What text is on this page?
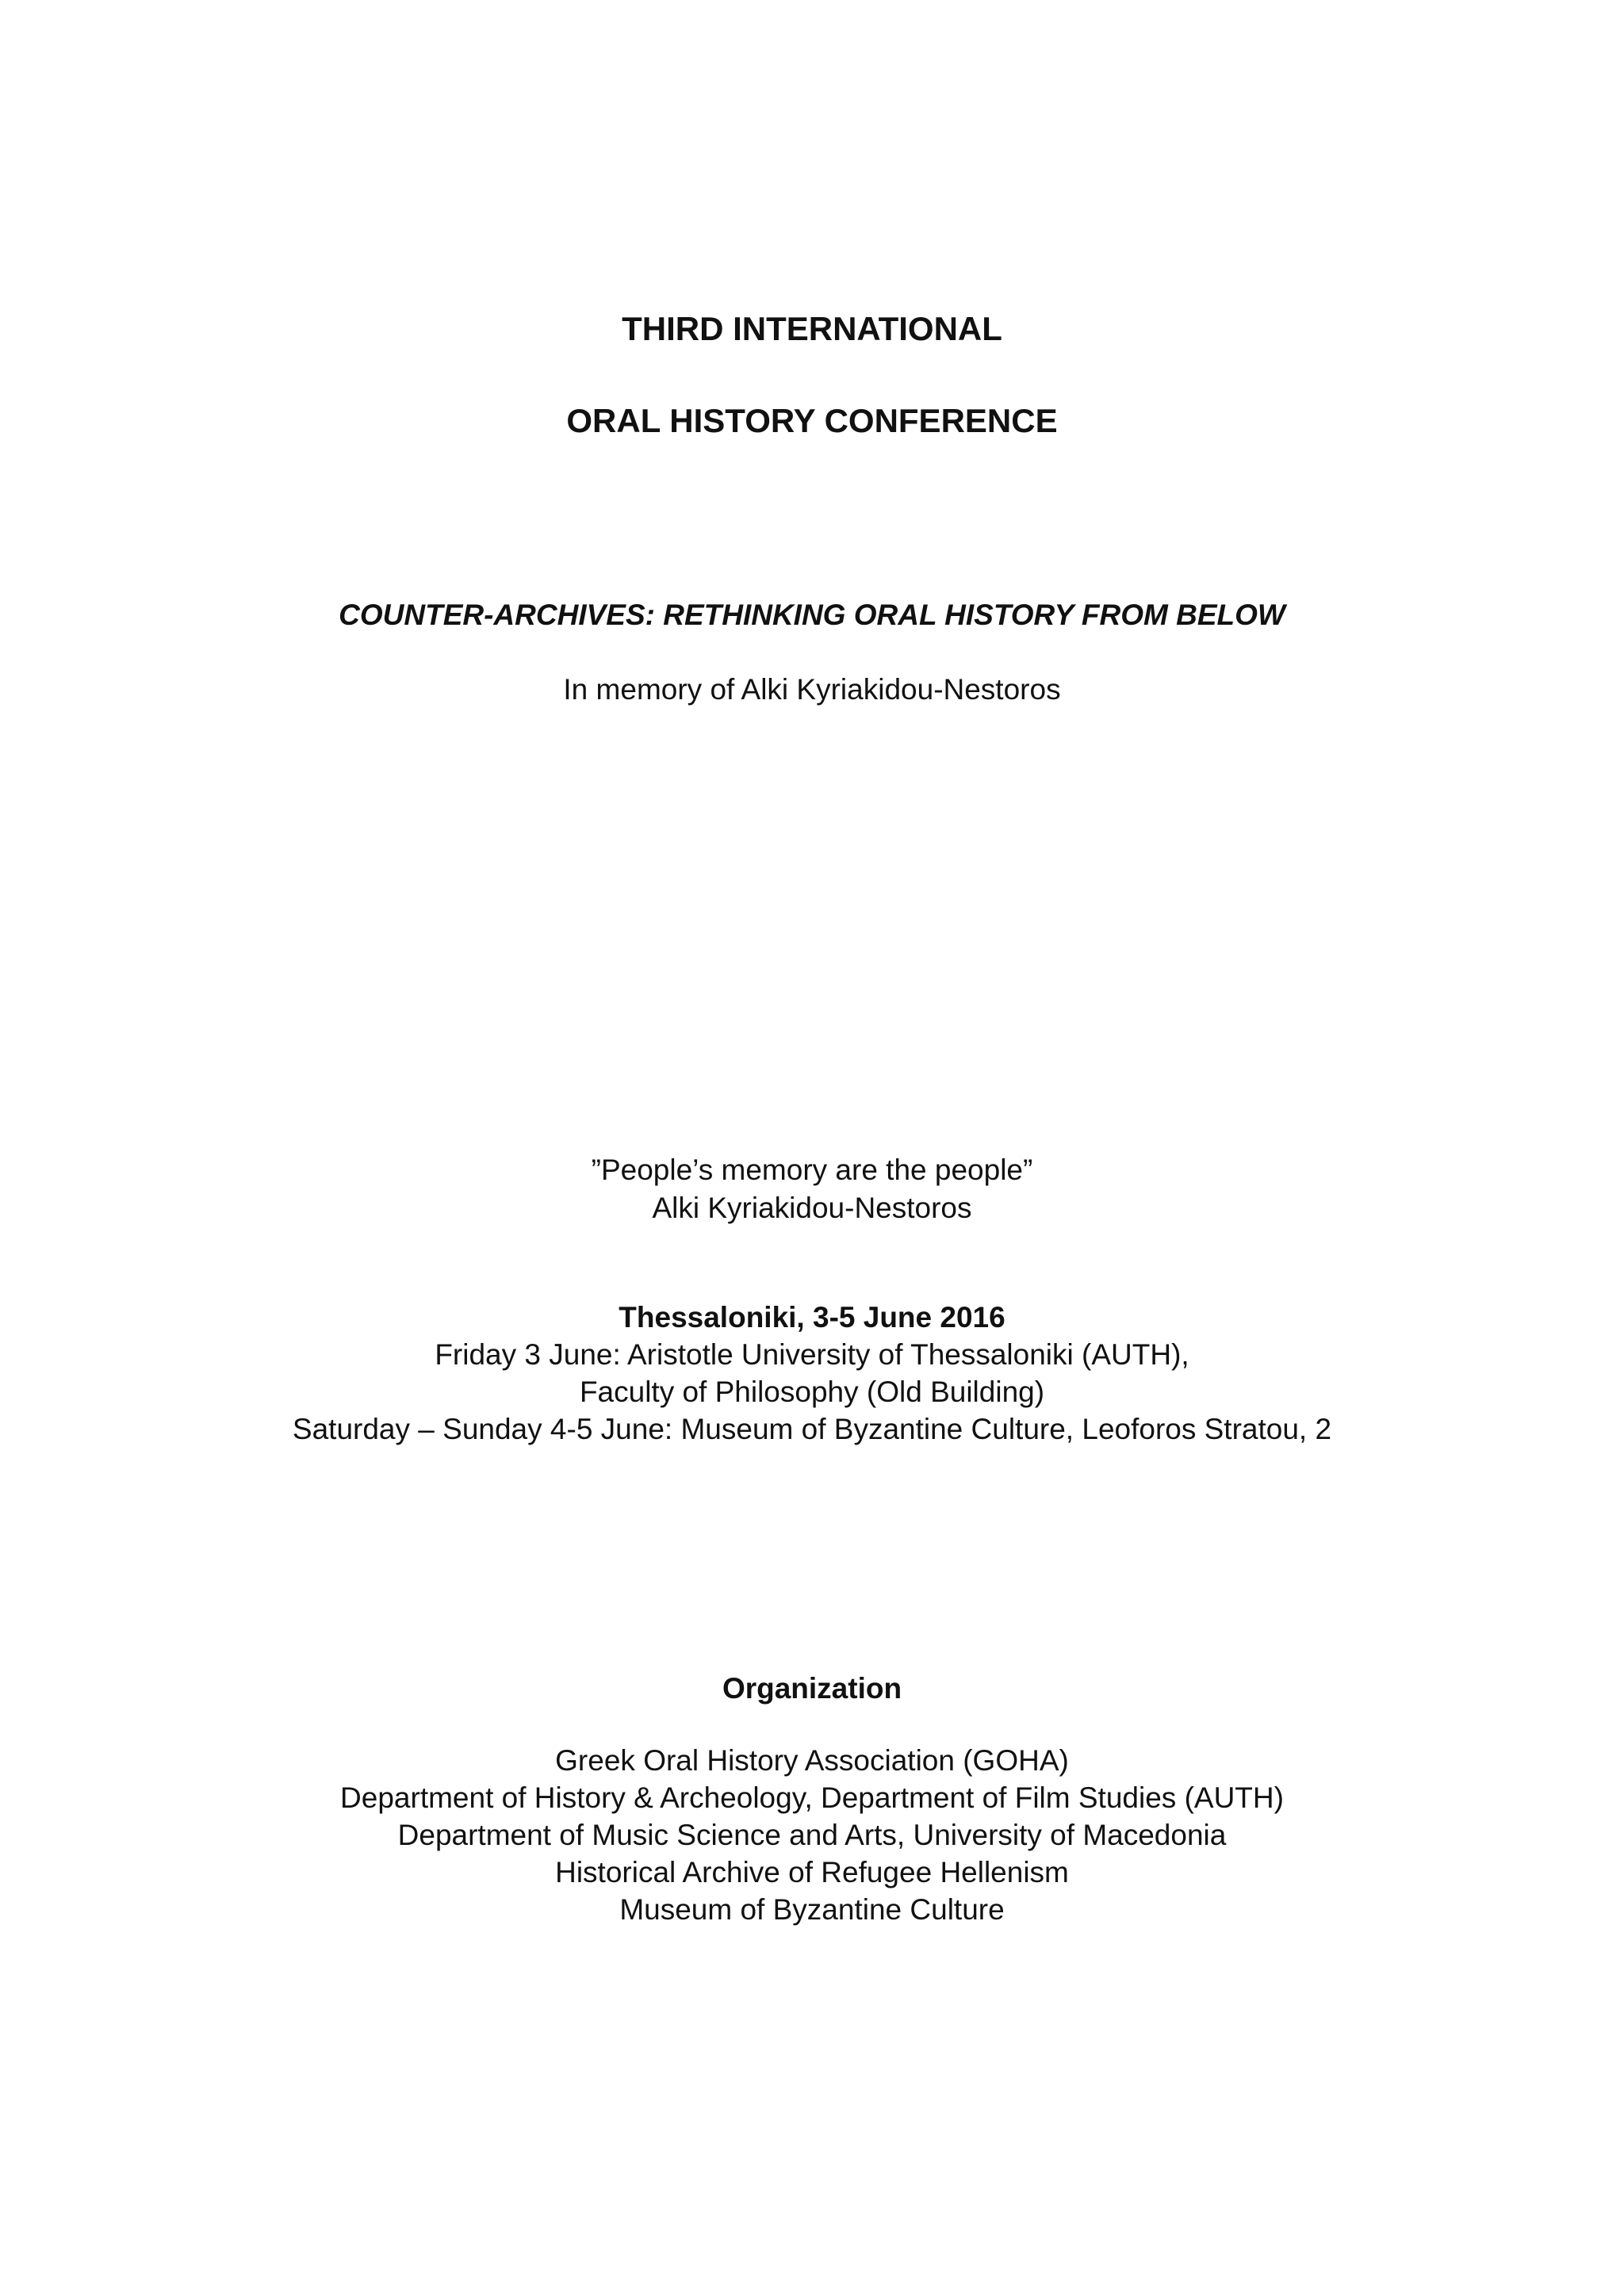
THIRD INTERNATIONAL
ORAL HISTORY CONFERENCE
COUNTER-ARCHIVES: RETHINKING ORAL HISTORY FROM BELOW
In memory of Alki Kyriakidou-Nestoros
”People’s memory are the people”
Alki Kyriakidou-Nestoros
Thessaloniki, 3-5 June 2016
Friday 3 June: Aristotle University of Thessaloniki (AUTH),
Faculty of Philosophy (Old Building)
Saturday – Sunday 4-5 June: Museum of Byzantine Culture, Leoforos Stratou, 2
Organization
Greek Oral History Association (GOHA)
Department of History & Archeology, Department of Film Studies (AUTH)
Department of Music Science and Arts, University of Macedonia
Historical Archive of Refugee Hellenism
Museum of Byzantine Culture
